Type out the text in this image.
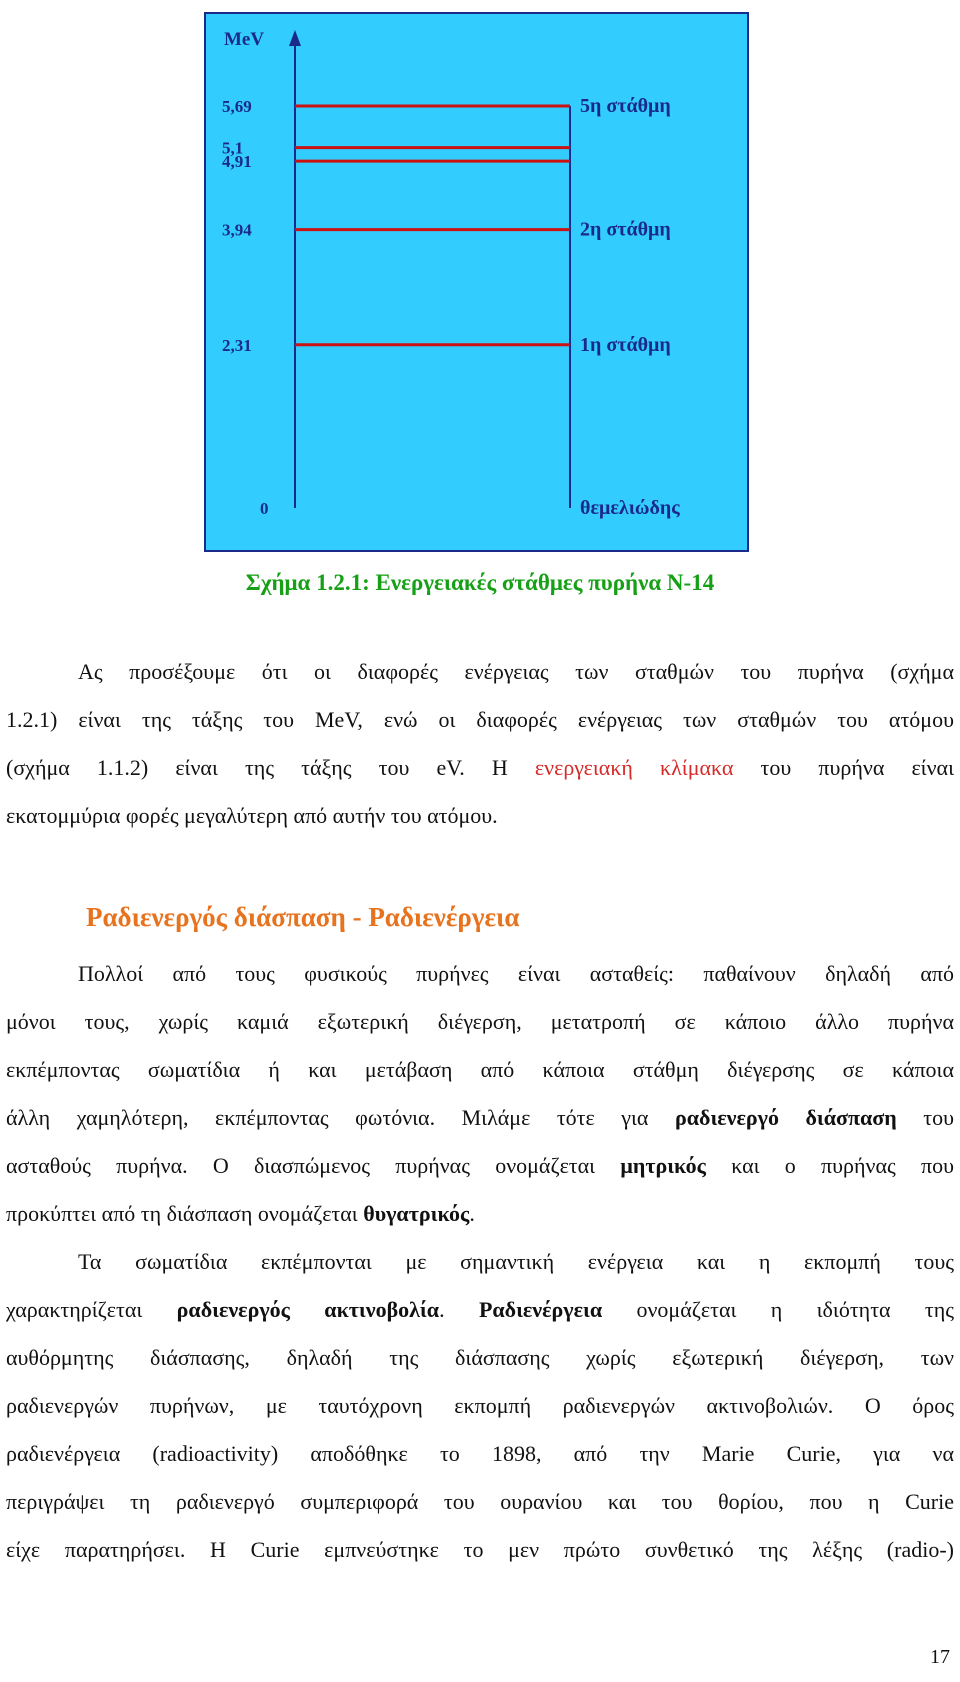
MeV
5,69	5η στάθμη
5,1
4,91
3,94	2η στάθμη
2,31	1η στάθμη
0	θεμελιώδης
Σχήμα 1.2.1: Ενεργειακές στάθμες πυρήνα Ν-14
Ας προσέξουμε ότι οι διαφορές ενέργειας των σταθμών του πυρήνα (σχήμα
1.2.1) είναι της τάξης του MeV, ενώ οι διαφορές ενέργειας των σταθμών του ατόμου
(σχήμα 1.1.2) είναι της τάξης του eV. Η ενεργειακή κλίμακα του πυρήνα είναι
εκατομμύρια φορές μεγαλύτερη από αυτήν του ατόμου.
Ραδιενεργός διάσπαση - Ραδιενέργεια
Πολλοί από τους φυσικούς πυρήνες είναι ασταθείς: παθαίνουν δηλαδή από
μόνοι τους, χωρίς καμιά εξωτερική διέγερση, μετατροπή σε κάποιο άλλο πυρήνα
εκπέμποντας σωματίδια ή και μετάβαση από κάποια στάθμη διέγερσης σε κάποια
άλλη χαμηλότερη, εκπέμποντας φωτόνια. Μιλάμε τότε για ραδιενεργό διάσπαση του
ασταθούς πυρήνα. Ο διασπώμενος πυρήνας ονομάζεται μητρικός και ο πυρήνας που
προκύπτει από τη διάσπαση ονομάζεται θυγατρικός.
Τα σωματίδια εκπέμπονται με σημαντική ενέργεια και η εκπομπή τους
χαρακτηρίζεται ραδιενεργός ακτινοβολία. Ραδιενέργεια ονομάζεται η ιδιότητα της
αυθόρμητης διάσπασης, δηλαδή της διάσπασης χωρίς εξωτερική διέγερση, των
ραδιενεργών πυρήνων, με ταυτόχρονη εκπομπή ραδιενεργών ακτινοβολιών. Ο όρος
ραδιενέργεια (radioactivity) αποδόθηκε το 1898, από την Marie Curie, για να
περιγράψει τη ραδιενεργό συμπεριφορά του ουρανίου και του θορίου, που η Curie
είχε παρατηρήσει. Η Curie εμπνεύστηκε το μεν πρώτο συνθετικό της λέξης (radio-)
17
